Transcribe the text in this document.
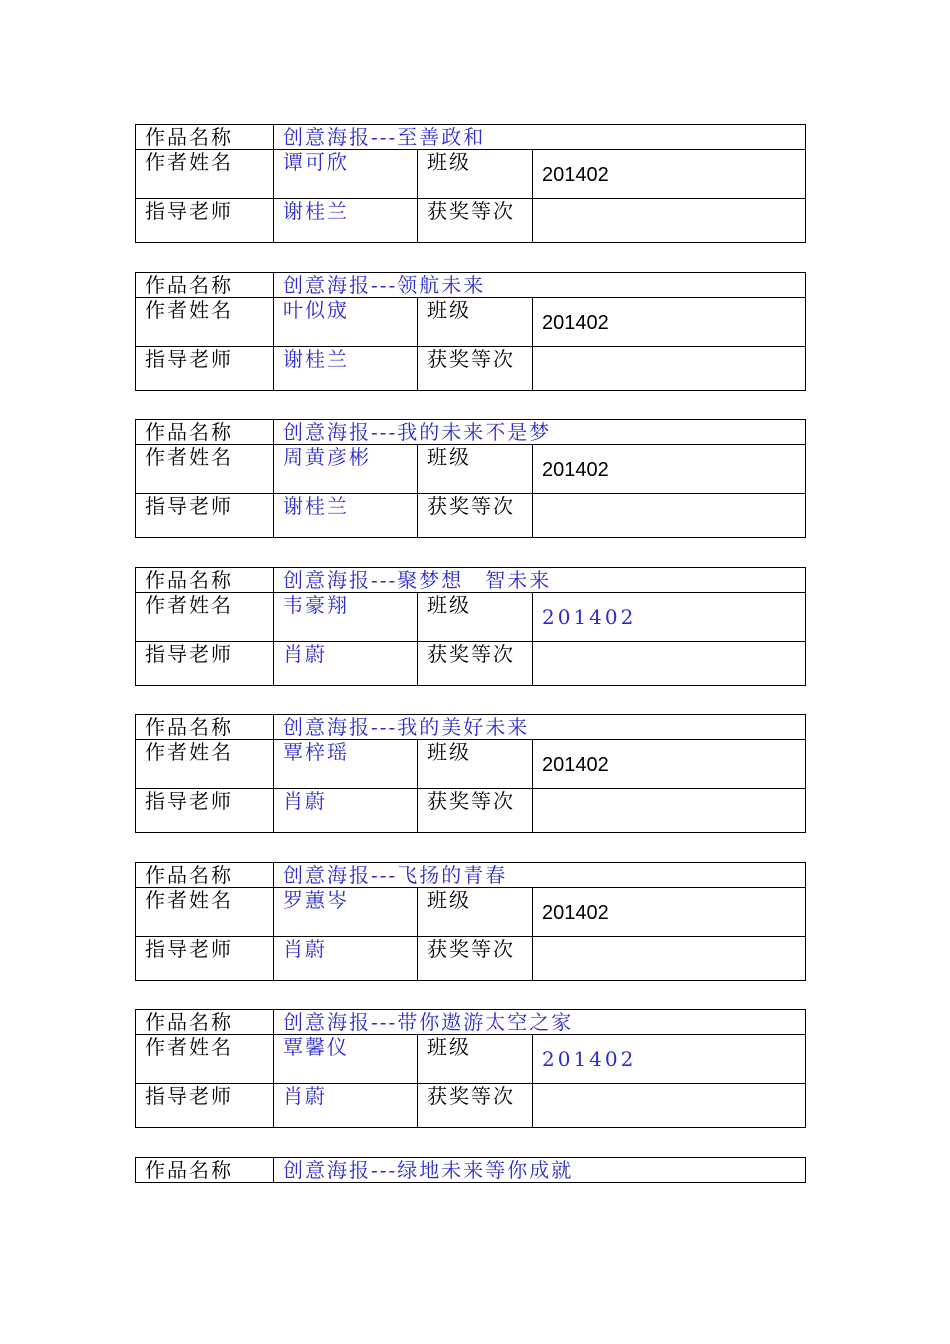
作品名称	创意海报---至善政和		
作者姓名	谭可欣	班级	201402
指导老师	谢桂兰	获奖等次	
作品名称	创意海报---领航未来		
作者姓名	叶似宬	班级	201402
指导老师	谢桂兰	获奖等次	
作品名称	创意海报---我的未来不是梦		
作者姓名	周黄彦彬	班级	201402
指导老师	谢桂兰	获奖等次	
作品名称	创意海报---聚梦想　智未来		
作者姓名	韦豪翔	班级	201402
指导老师	肖蔚	获奖等次	
作品名称	创意海报---我的美好未来		
作者姓名	覃梓瑶	班级	201402
指导老师	肖蔚	获奖等次	
作品名称	创意海报---飞扬的青春		
作者姓名	罗蕙岑	班级	201402
指导老师	肖蔚	获奖等次	
作品名称	创意海报---带你遨游太空之家		
作者姓名	覃馨仪	班级	201402
指导老师	肖蔚	获奖等次	
作品名称	创意海报---绿地未来等你成就
